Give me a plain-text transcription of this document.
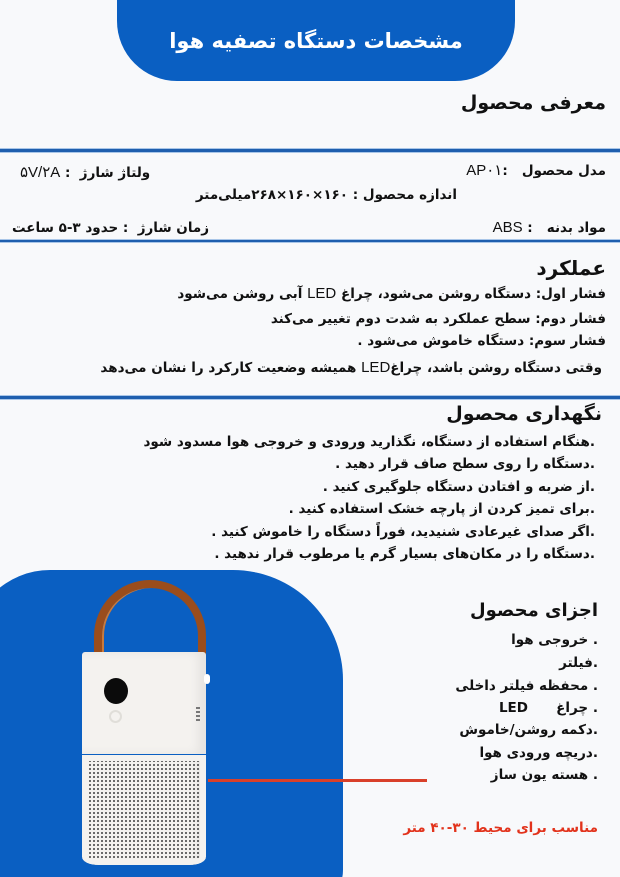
مشخصات دستگاه تصفیه هوا
معرفی محصول
مدل محصول   :AP۰۱
ولتاژ شارژ  : ۵V/۲A
اندازه محصول : ۱۶۰×۱۶۰×۲۶۸میلی‌متر
مواد بدنه   : ABS
زمان شارژ  : حدود ۳-۵ ساعت
عملکرد
فشار اول: دستگاه روشن می‌شود، چراغ LED آبی روشن می‌شود
فشار دوم: سطح عملکرد به شدت دوم تغییر می‌کند
فشار سوم: دستگاه خاموش می‌شود .
وقتی دستگاه روشن باشد، چراغLED همیشه وضعیت کارکرد را نشان می‌دهد
نگهداری محصول
.هنگام استفاده از دستگاه، نگذارید ورودی و خروجی هوا مسدود شود
.دستگاه را روی سطح صاف قرار دهید .
.از ضربه و افتادن دستگاه جلوگیری کنید .
.برای تمیز کردن از پارچه خشک استفاده کنید .
.اگر صدای غیرعادی شنیدید، فوراً دستگاه را خاموش کنید .
.دستگاه را در مکان‌های بسیار گرم یا مرطوب قرار ندهید .
اجزای محصول
. خروجی هوا
.فیلتر
. محفظه فیلتر داخلی
. چراغ      LED
.دکمه روشن/خاموش
.دریچه ورودی هوا
. هسته یون ساز
مناسب برای محیط ۳۰-۴۰ متر
